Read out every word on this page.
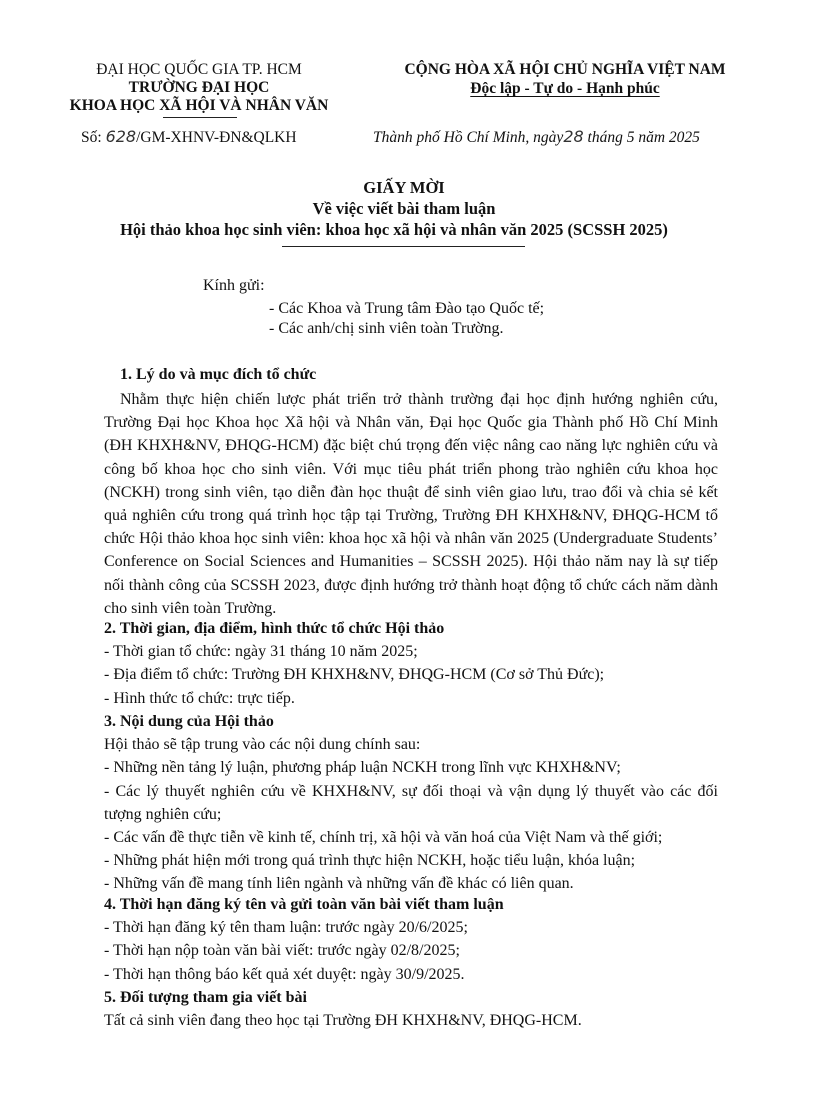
ĐẠI HỌC QUỐC GIA TP. HCM
TRƯỜNG ĐẠI HỌC
KHOA HỌC XÃ HỘI VÀ NHÂN VĂN
Số: 628/GM-XHNV-ĐN&QLKH
CỘNG HÒA XÃ HỘI CHỦ NGHĨA VIỆT NAM
Độc lập - Tự do - Hạnh phúc
Thành phố Hồ Chí Minh, ngày28 tháng 5 năm 2025
GIẤY MỜI
Về việc viết bài tham luận
Hội thảo khoa học sinh viên: khoa học xã hội và nhân văn 2025 (SCSSH 2025)
Kính gửi:
- Các Khoa và Trung tâm Đào tạo Quốc tế;
- Các anh/chị sinh viên toàn Trường.
1. Lý do và mục đích tổ chức
Nhằm thực hiện chiến lược phát triển trở thành trường đại học định hướng nghiên cứu, Trường Đại học Khoa học Xã hội và Nhân văn, Đại học Quốc gia Thành phố Hồ Chí Minh (ĐH KHXH&NV, ĐHQG-HCM) đặc biệt chú trọng đến việc nâng cao năng lực nghiên cứu và công bố khoa học cho sinh viên. Với mục tiêu phát triển phong trào nghiên cứu khoa học (NCKH) trong sinh viên, tạo diễn đàn học thuật để sinh viên giao lưu, trao đổi và chia sẻ kết quả nghiên cứu trong quá trình học tập tại Trường, Trường ĐH KHXH&NV, ĐHQG-HCM tổ chức Hội thảo khoa học sinh viên: khoa học xã hội và nhân văn 2025 (Undergraduate Students’ Conference on Social Sciences and Humanities – SCSSH 2025). Hội thảo năm nay là sự tiếp nối thành công của SCSSH 2023, được định hướng trở thành hoạt động tổ chức cách năm dành cho sinh viên toàn Trường.

2. Thời gian, địa điểm, hình thức tổ chức Hội thảo

- Thời gian tổ chức: ngày 31 tháng 10 năm 2025;

- Địa điểm tổ chức: Trường ĐH KHXH&NV, ĐHQG-HCM (Cơ sở Thủ Đức);

- Hình thức tổ chức: trực tiếp.

3. Nội dung của Hội thảo

Hội thảo sẽ tập trung vào các nội dung chính sau:

- Những nền tảng lý luận, phương pháp luận NCKH trong lĩnh vực KHXH&NV;

- Các lý thuyết nghiên cứu về KHXH&NV, sự đối thoại và vận dụng lý thuyết vào các đối tượng nghiên cứu;

- Các vấn đề thực tiễn về kinh tế, chính trị, xã hội và văn hoá của Việt Nam và thế giới;

- Những phát hiện mới trong quá trình thực hiện NCKH, hoặc tiểu luận, khóa luận;

- Những vấn đề mang tính liên ngành và những vấn đề khác có liên quan.

4. Thời hạn đăng ký tên và gửi toàn văn bài viết tham luận

- Thời hạn đăng ký tên tham luận: trước ngày 20/6/2025;

- Thời hạn nộp toàn văn bài viết: trước ngày 02/8/2025;

- Thời hạn thông báo kết quả xét duyệt: ngày 30/9/2025.

5. Đối tượng tham gia viết bài

Tất cả sinh viên đang theo học tại Trường ĐH KHXH&NV, ĐHQG-HCM.
